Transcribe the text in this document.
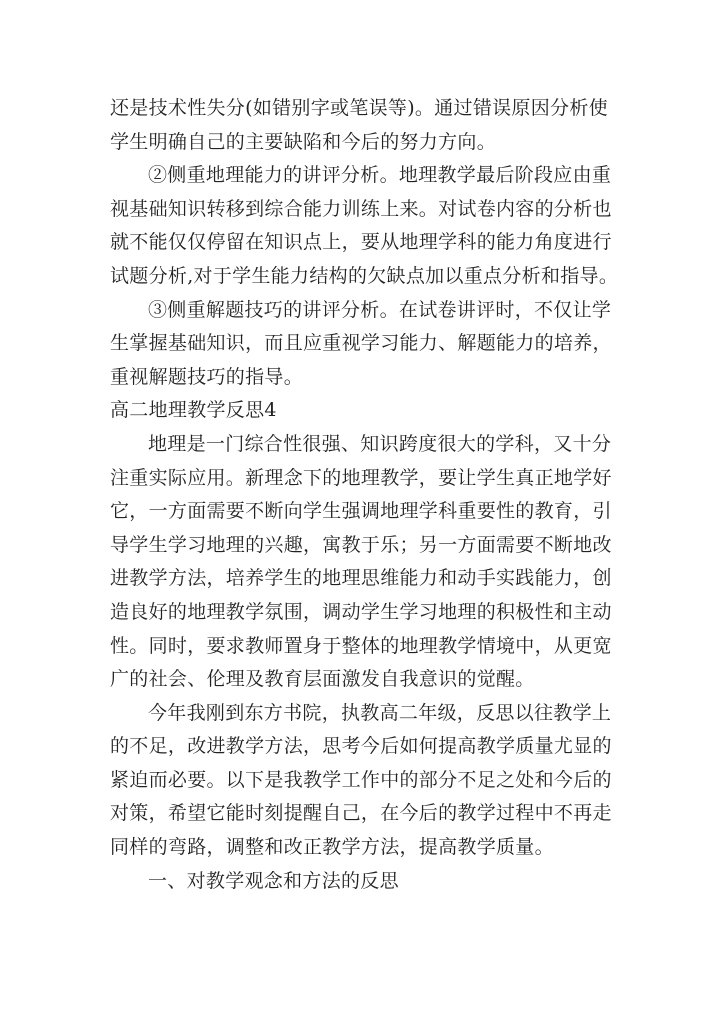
还是技术性失分(如错别字或笔误等)。通过错误原因分析使
学生明确自己的主要缺陷和今后的努力方向。
②侧重地理能力的讲评分析。地理教学最后阶段应由重
视基础知识转移到综合能力训练上来。对试卷内容的分析也
就不能仅仅停留在知识点上，要从地理学科的能力角度进行
试题分析,对于学生能力结构的欠缺点加以重点分析和指导。
③侧重解题技巧的讲评分析。在试卷讲评时，不仅让学
生掌握基础知识，而且应重视学习能力、解题能力的培养，
重视解题技巧的指导。
高二地理教学反思4
地理是一门综合性很强、知识跨度很大的学科，又十分
注重实际应用。新理念下的地理教学，要让学生真正地学好
它，一方面需要不断向学生强调地理学科重要性的教育，引
导学生学习地理的兴趣，寓教于乐；另一方面需要不断地改
进教学方法，培养学生的地理思维能力和动手实践能力，创
造良好的地理教学氛围，调动学生学习地理的积极性和主动
性。同时，要求教师置身于整体的地理教学情境中，从更宽
广的社会、伦理及教育层面激发自我意识的觉醒。
今年我刚到东方书院，执教高二年级，反思以往教学上
的不足，改进教学方法，思考今后如何提高教学质量尤显的
紧迫而必要。以下是我教学工作中的部分不足之处和今后的
对策，希望它能时刻提醒自己，在今后的教学过程中不再走
同样的弯路，调整和改正教学方法，提高教学质量。
一、对教学观念和方法的反思
